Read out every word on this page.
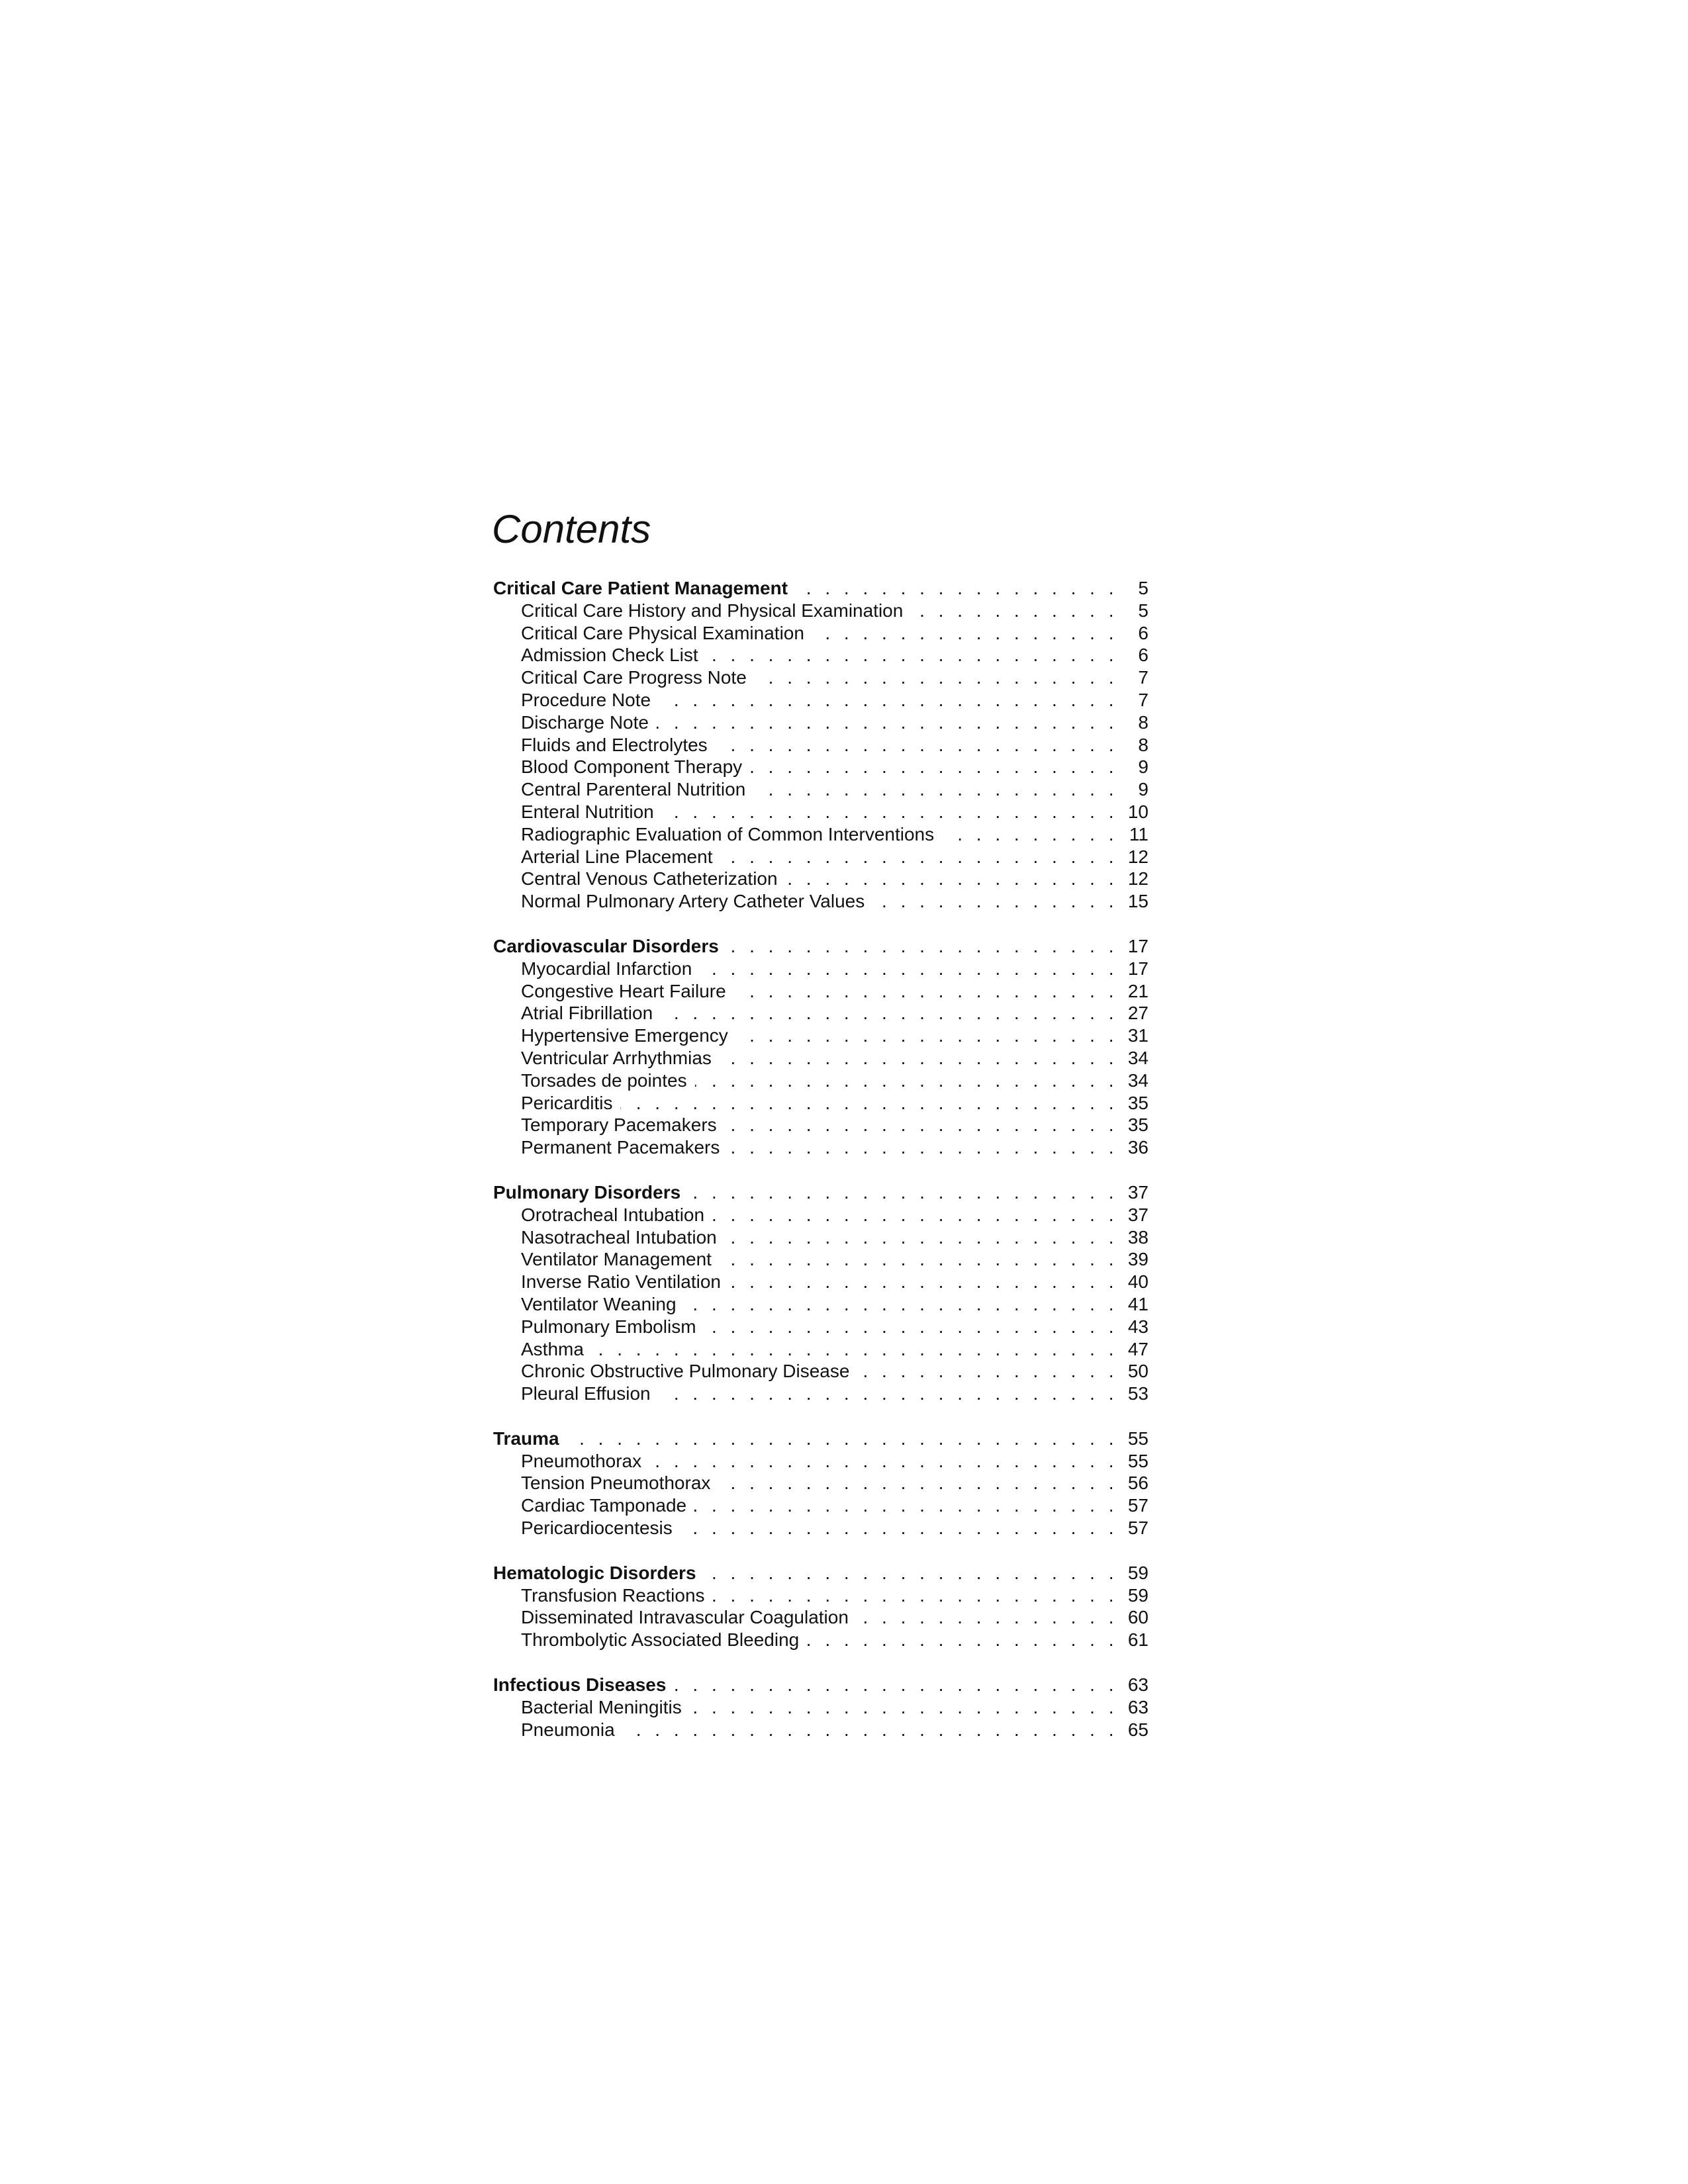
Contents
Critical Care Patient Management . . .	5
Critical Care History and Physical Examination . . .	5
Critical Care Physical Examination . . .	6
Admission Check List . . .	6
Critical Care Progress Note . . .	7
Procedure Note . . .	7
Discharge Note . . .	8
Fluids and Electrolytes . . .	8
Blood Component Therapy . . .	9
Central Parenteral Nutrition . . .	9
Enteral Nutrition . . .	10
Radiographic Evaluation of Common Interventions . . .	11
Arterial Line Placement . . .	12
Central Venous Catheterization . . .	12
Normal Pulmonary Artery Catheter Values . . .	15
Cardiovascular Disorders . . .	17
Myocardial Infarction . . .	17
Congestive Heart Failure . . .	21
Atrial Fibrillation . . .	27
Hypertensive Emergency . . .	31
Ventricular Arrhythmias . . .	34
Torsades de pointes . . .	34
Pericarditis . . .	35
Temporary Pacemakers . . .	35
Permanent Pacemakers . . .	36
Pulmonary Disorders . . .	37
Orotracheal Intubation . . .	37
Nasotracheal Intubation . . .	38
Ventilator Management . . .	39
Inverse Ratio Ventilation . . .	40
Ventilator Weaning . . .	41
Pulmonary Embolism . . .	43
Asthma . . .	47
Chronic Obstructive Pulmonary Disease . . .	50
Pleural Effusion . . .	53
Trauma . . .	55
Pneumothorax . . .	55
Tension Pneumothorax . . .	56
Cardiac Tamponade . . .	57
Pericardiocentesis . . .	57
Hematologic Disorders . . .	59
Transfusion Reactions . . .	59
Disseminated Intravascular Coagulation . . .	60
Thrombolytic Associated Bleeding . . .	61
Infectious Diseases . . .	63
Bacterial Meningitis . . .	63
Pneumonia . . .	65
